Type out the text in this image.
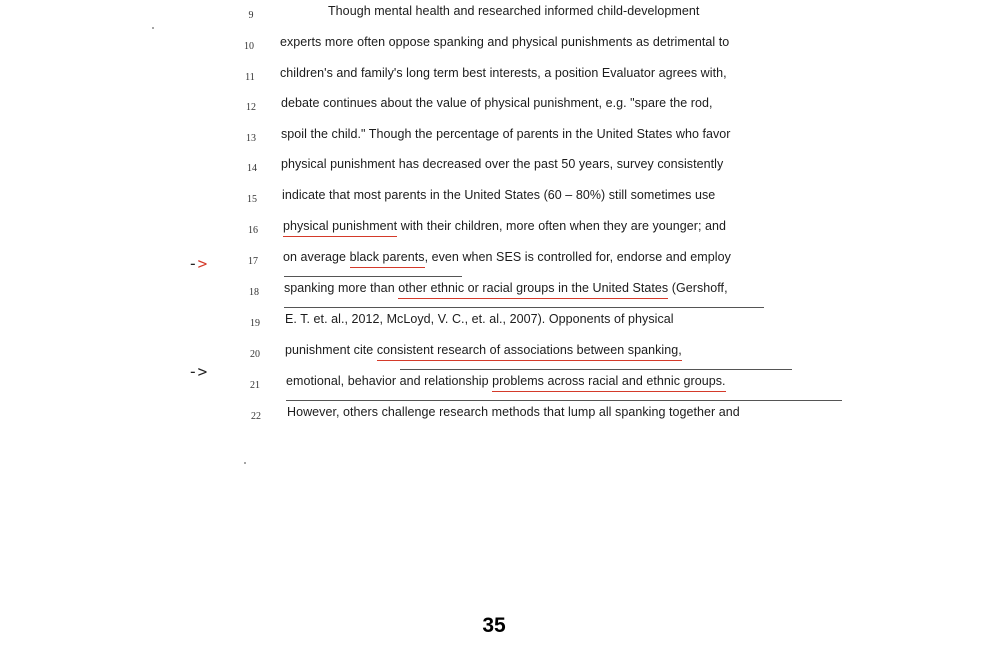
9	Though mental health and researched informed child-development
10	experts more often oppose spanking and physical punishments as detrimental to
11	children's and family's long term best interests, a position Evaluator agrees with,
12	debate continues about the value of physical punishment, e.g. "spare the rod,
13	spoil the child." Though the percentage of parents in the United States who favor
14	physical punishment has decreased over the past 50 years, survey consistently
15	indicate that most parents in the United States (60 – 80%) still sometimes use
16	physical punishment with their children, more often when they are younger; and
->	17	on average black parents, even when SES is controlled for, endorse and employ
18	spanking more than other ethnic or racial groups in the United States (Gershoff,
19	E. T. et. al., 2012, McLoyd, V. C., et. al., 2007). Opponents of physical
20	punishment cite consistent research of associations between spanking,
->
21	emotional, behavior and relationship problems across racial and ethnic groups.
22	However, others challenge research methods that lump all spanking together and
35
